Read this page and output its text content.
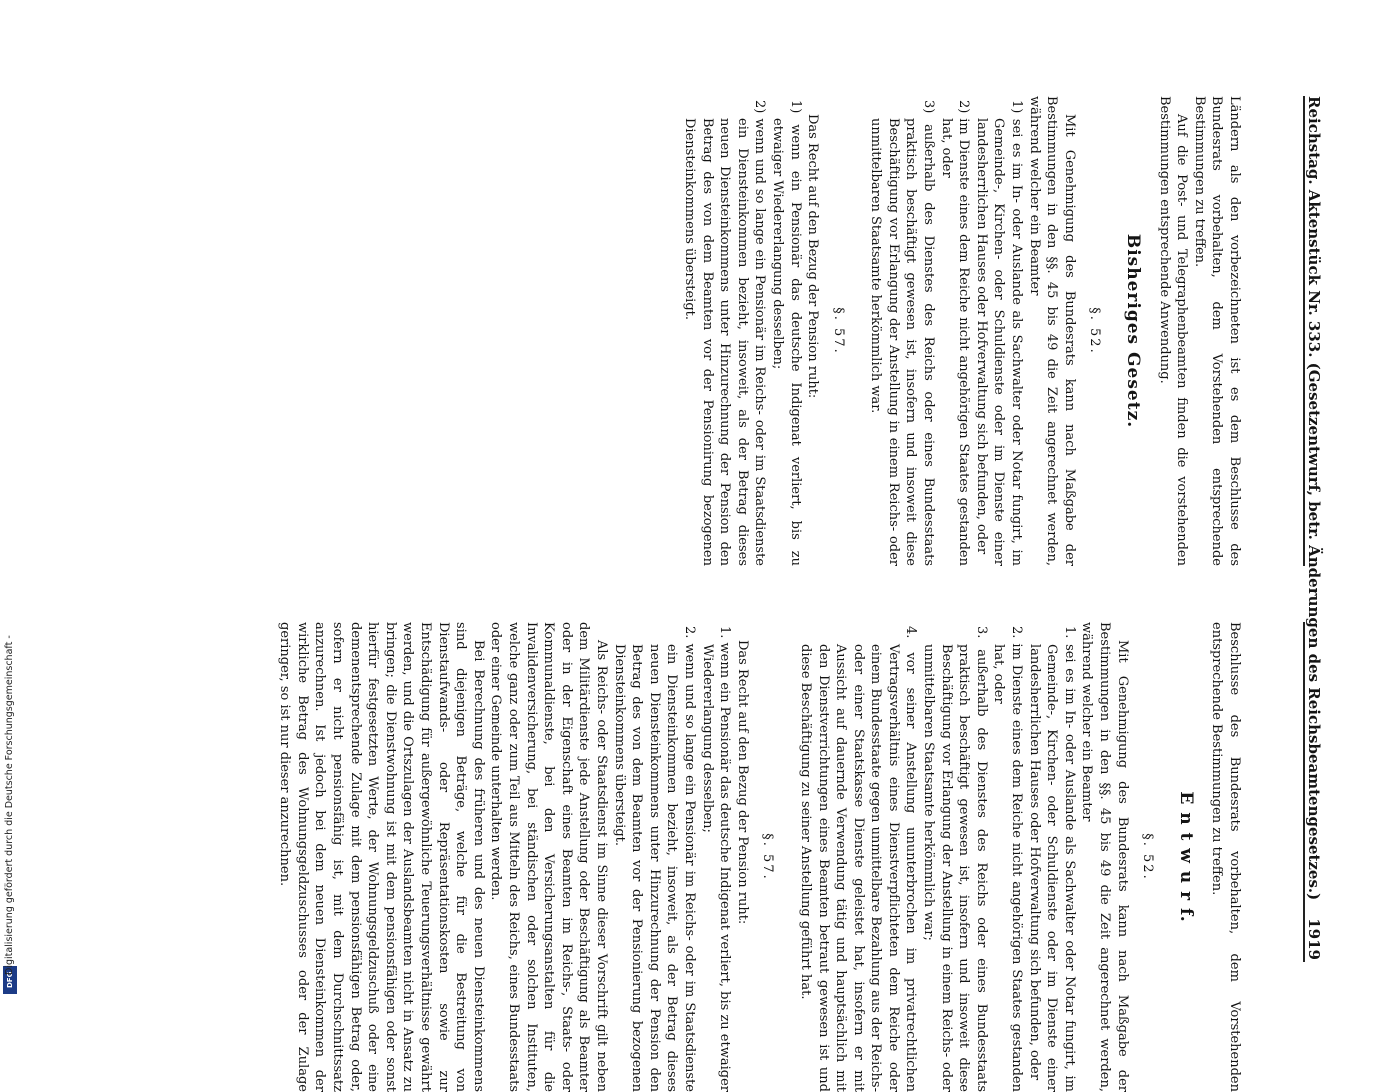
DFG
Digitalisierung gefördert durch die Deutsche Forschungsgemeinschaft -	Reichstag. Aktenstück Nr. 333. (Gesetzentwurf, betr. Änderungen des Reichsbeamtengesetzes.)
1919

Ländern als den vorbezeichneten ist es dem Beschlusse des Bundesrats vorbehalten, dem Vorstehenden entsprechende Bestimmungen zu treffen.

Auf die Post- und Telegraphenbeamten finden die vorstehenden Bestimmungen entsprechende Anwendung.

Bisheriges Gesetz.
§. 52.

Mit Genehmigung des Bundesrats kann nach Maßgabe der Bestimmungen in den §§. 45 bis 49 die Zeit angerechnet werden, während welcher ein Beamter

1) sei es im In- oder Auslande als Sachwalter oder Notar fungirt, im Gemeinde-, Kirchen- oder Schuldienste oder im Dienste einer landesherrlichen Hauses oder Hofverwaltung sich befunden, oder

2) im Dienste eines dem Reiche nicht angehörigen Staates gestanden hat, oder

3) außerhalb des Dienstes des Reichs oder eines Bundesstaats praktisch beschäftigt gewesen ist, insofern und insoweit diese Beschäftigung vor Erlangung der Anstellung in einem Reichs- oder unmittelbaren Staatsamte herkömmlich war.

§. 57.

Das Recht auf den Bezug der Pension ruht:

1) wenn ein Pensionär das deutsche Indigenat verliert, bis zu etwaiger Wiedererlangung desselben;

2) wenn und so lange ein Pensionär im Reichs- oder im Staatsdienste ein Diensteinkommen bezieht, insoweit, als der Betrag dieses neuen Diensteinkommens unter Hinzurechnung der Pension den Betrag des von dem Beamten vor der Pensionirung bezogenen Diensteinkommens übersteigt.

Beschlusse des Bundesrats vorbehalten, dem Vorstehenden entsprechende Bestimmungen zu treffen.

E n t w u r f.
§. 52.

Mit Genehmigung des Bundesrats kann nach Maßgabe der Bestimmungen in den §§. 45 bis 49 die Zeit angerechnet werden, während welcher ein Beamter

1. sei es im In- oder Auslande als Sachwalter oder Notar fungirt, im Gemeinde-, Kirchen- oder Schuldienste oder im Dienste einer landesherrlichen Hauses oder Hofverwaltung sich befunden, oder

2. im Dienste eines dem Reiche nicht angehörigen Staates gestanden hat, oder

3. außerhalb des Dienstes des Reichs oder eines Bundesstaats praktisch beschäftigt gewesen ist, insofern und insoweit diese Beschäftigung vor Erlangung der Anstellung in einem Reichs- oder unmittelbaren Staatsamte herkömmlich war;

4. vor seiner Anstellung ununterbrochen im privatrechtlichen Vertragsverhältnis eines Dienstverpflichteten dem Reiche oder einem Bundesstaate gegen unmittelbare Bezahlung aus der Reichs- oder einer Staatskasse Dienste geleistet hat, insofern er mit Aussicht auf dauernde Verwendung tätig und hauptsächlich mit den Dienstverrichtungen eines Beamten betraut gewesen ist und diese Beschäftigung zu seiner Anstellung geführt hat.

§. 57.

Das Recht auf den Bezug der Pension ruht:

1. wenn ein Pensionär das deutsche Indigenat verliert, bis zu etwaiger Wiedererlangung desselben;

2. wenn und so lange ein Pensionär im Reichs- oder im Staatsdienste ein Diensteinkommen bezieht, insoweit, als der Betrag dieses neuen Diensteinkommens unter Hinzurechnung der Pension den Betrag des von dem Beamten vor der Pensionierung bezogenen Diensteinkommens übersteigt.

Als Reichs- oder Staatsdienst im Sinne dieser Vorschrift gilt neben dem Militärdienste jede Anstellung oder Beschäftigung als Beamter oder in der Eigenschaft eines Beamten im Reichs-, Staats- oder Kommunaldienste, bei den Versicherungsanstalten für die Invalidenversicherung, bei ständischen oder solchen Instituten, welche ganz oder zum Teil aus Mitteln des Reichs, eines Bundesstaats oder einer Gemeinde unterhalten werden.

Bei Berechnung des früheren und des neuen Diensteinkommens sind diejenigen Beträge, welche für die Bestreitung von Dienstaufwands- oder Repräsentationskosten sowie zur Entschädigung für außergewöhnliche Teuerungsverhältnisse gewährt werden, und die Ortszulagen der Auslandsbeamten nicht in Ansatz zu bringen; die Dienstwohnung ist mit dem pensionsfähigen oder sonst hierfür festgesetzten Werte, der Wohnungsgeldzuschuß oder eine demenentsprechende Zulage mit dem pensionsfähigen Betrag oder, sofern er nicht pensionsfähig ist, mit dem Durchschnittssatz anzurechnen. Ist jedoch bei dem neuen Diensteinkommen der wirkliche Betrag des Wohnungsgeldzuschusses oder der Zulage geringer, so ist nur dieser anzurechnen.
